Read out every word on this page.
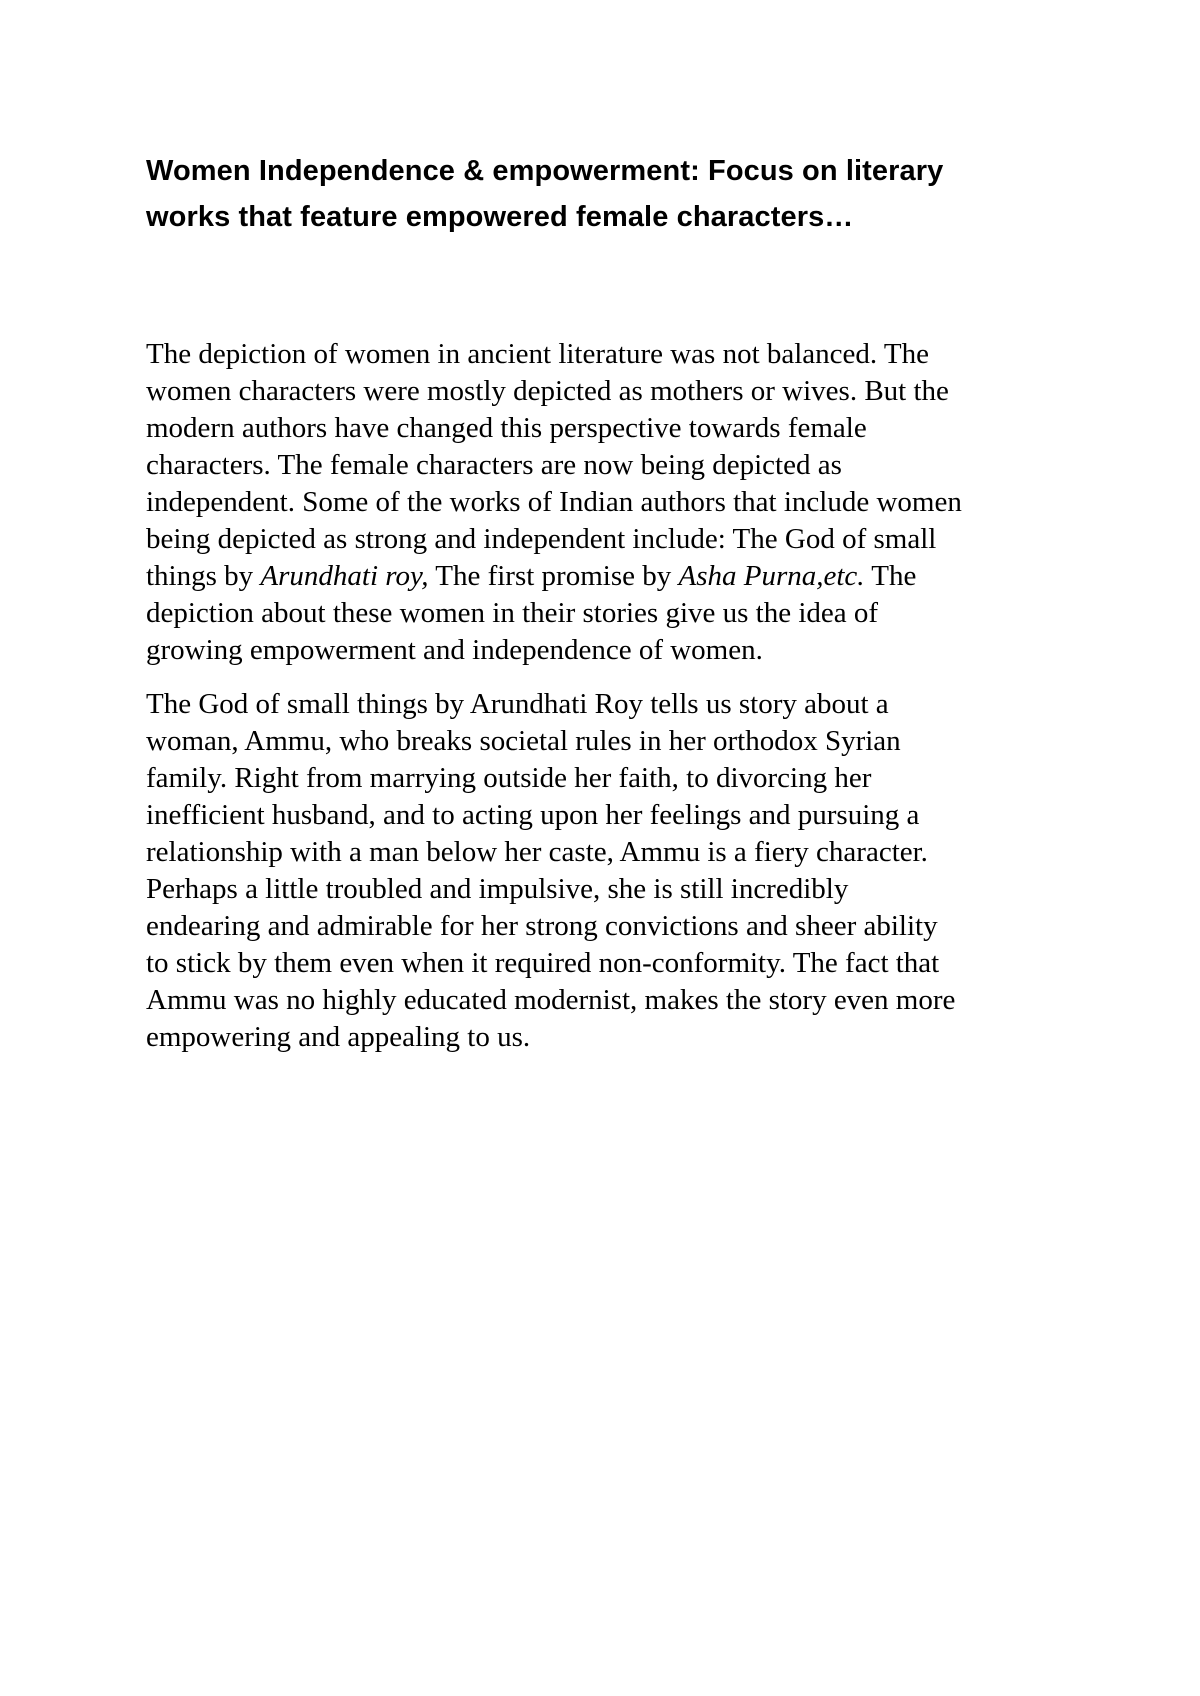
Women Independence & empowerment: Focus on literary
works that feature empowered female characters…

The depiction of women in ancient literature was not balanced. The
women characters were mostly depicted as mothers or wives. But the
modern authors have changed this perspective towards female
characters. The female characters are now being depicted as
independent. Some of the works of Indian authors that include women
being depicted as strong and independent include: The God of small
things by Arundhati roy, The first promise by Asha Purna,etc. The
depiction about these women in their stories give us the idea of
growing empowerment and independence of women.

The God of small things by Arundhati Roy tells us story about a
woman, Ammu, who breaks societal rules in her orthodox Syrian
family. Right from marrying outside her faith, to divorcing her
inefficient husband, and to acting upon her feelings and pursuing a
relationship with a man below her caste, Ammu is a fiery character.
Perhaps a little troubled and impulsive, she is still incredibly
endearing and admirable for her strong convictions and sheer ability
to stick by them even when it required non-conformity. The fact that
Ammu was no highly educated modernist, makes the story even more
empowering and appealing to us.
